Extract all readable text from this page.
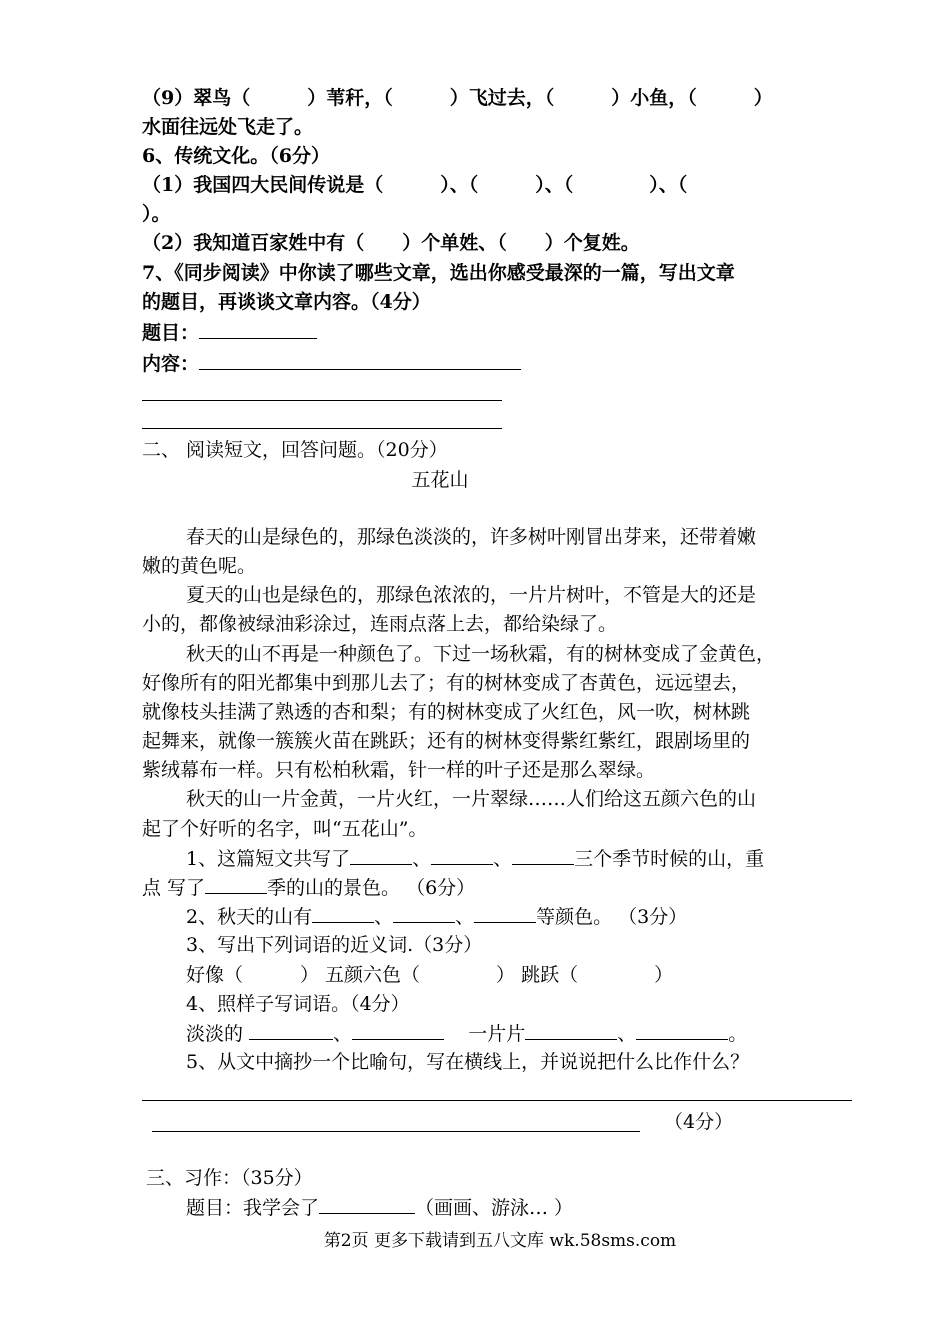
（9）翠鸟（　　　）苇秆，（　　　）飞过去，（　　　）小鱼，（　　　）
水面往远处飞走了。
6、传统文化。（6分）
（1）我国四大民间传说是（　　　）、（　　　）、（　　　　）、（
）。
（2）我知道百家姓中有（　　）个单姓、（　　）个复姓。
7、《同步阅读》中你读了哪些文章，选出你感受最深的一篇，写出文章
的题目，再谈谈文章内容。（4分）
题目：
内容：
二、 阅读短文，回答问题。（20分）
五花山
春天的山是绿色的，那绿色淡淡的，许多树叶刚冒出芽来，还带着嫩
嫩的黄色呢。
夏天的山也是绿色的，那绿色浓浓的，一片片树叶，不管是大的还是
小的，都像被绿油彩涂过，连雨点落上去，都给染绿了。
秋天的山不再是一种颜色了。下过一场秋霜，有的树林变成了金黄色，
好像所有的阳光都集中到那儿去了；有的树林变成了杏黄色，远远望去，
就像枝头挂满了熟透的杏和梨；有的树林变成了火红色，风一吹，树林跳
起舞来，就像一簇簇火苗在跳跃；还有的树林变得紫红紫红，跟剧场里的
紫绒幕布一样。只有松柏秋霜，针一样的叶子还是那么翠绿。
秋天的山一片金黄，一片火红，一片翠绿……人们给这五颜六色的山
起了个好听的名字，叫“五花山”。
1、这篇短文共写了	、	、	三个季节时候的山，重
点 写了	季的山的景色。 （6分）
2、秋天的山有	、	、	等颜色。 （3分）
3、写出下列词语的近义词.（3分）
好像（　　　） 五颜六色（　　　　） 跳跃（　　　　）
4、照样子写词语。（4分）
淡淡的	、	一片片	、	。
5、从文中摘抄一个比喻句，写在横线上，并说说把什么比作什么？
（4分）
三、习作：（35分）
题目：我学会了	（画画、游泳… ）
第2页 更多下载请到五八文库 wk.58sms.com
